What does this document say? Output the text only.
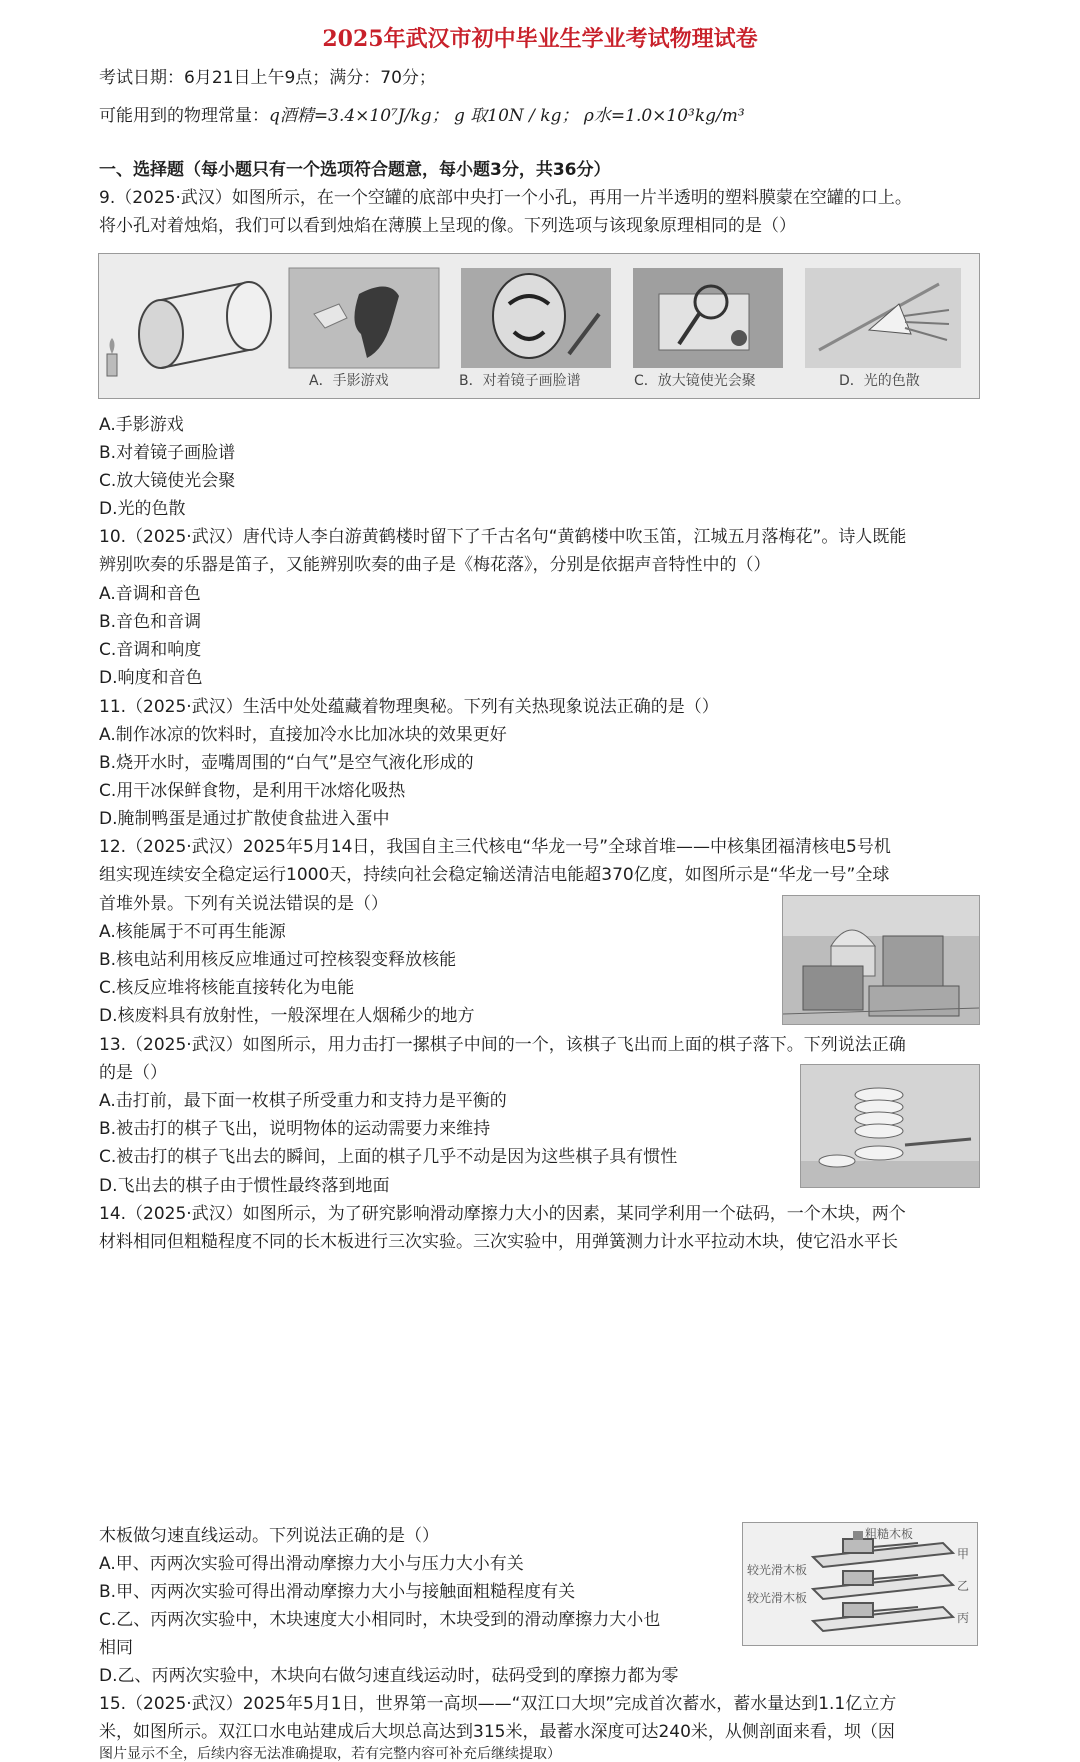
2025年武汉市初中毕业生学业考试物理试卷
考试日期：6月21日上午9点；满分：70分；
可能用到的物理常量：q酒精=3.4×10⁷J/kg； g 取10N / kg； ρ水=1.0×10³kg/m³
一、选择题（每小题只有一个选项符合题意，每小题3分，共36分）
9.（2025·武汉）如图所示，在一个空罐的底部中央打一个小孔，再用一片半透明的塑料膜蒙在空罐的口上。
将小孔对着烛焰，我们可以看到烛焰在薄膜上呈现的像。下列选项与该现象原理相同的是（）
A．手影游戏	B．对着镜子画脸谱	C．放大镜使光会聚	D．光的色散
A.手影游戏
B.对着镜子画脸谱
C.放大镜使光会聚
D.光的色散
10.（2025·武汉）唐代诗人李白游黄鹤楼时留下了千古名句“黄鹤楼中吹玉笛，江城五月落梅花”。诗人既能
辨别吹奏的乐器是笛子，又能辨别吹奏的曲子是《梅花落》，分别是依据声音特性中的（）
A.音调和音色
B.音色和音调
C.音调和响度
D.响度和音色
11.（2025·武汉）生活中处处蕴藏着物理奥秘。下列有关热现象说法正确的是（）
A.制作冰凉的饮料时，直接加冷水比加冰块的效果更好
B.烧开水时，壶嘴周围的“白气”是空气液化形成的
C.用干冰保鲜食物，是利用干冰熔化吸热
D.腌制鸭蛋是通过扩散使食盐进入蛋中
12.（2025·武汉）2025年5月14日，我国自主三代核电“华龙一号”全球首堆——中核集团福清核电5号机
组实现连续安全稳定运行1000天，持续向社会稳定输送清洁电能超370亿度，如图所示是“华龙一号”全球
首堆外景。下列有关说法错误的是（）
A.核能属于不可再生能源
B.核电站利用核反应堆通过可控核裂变释放核能
C.核反应堆将核能直接转化为电能
D.核废料具有放射性，一般深埋在人烟稀少的地方
13.（2025·武汉）如图所示，用力击打一摞棋子中间的一个，该棋子飞出而上面的棋子落下。下列说法正确
的是（）
A.击打前，最下面一枚棋子所受重力和支持力是平衡的
B.被击打的棋子飞出，说明物体的运动需要力来维持
C.被击打的棋子飞出去的瞬间，上面的棋子几乎不动是因为这些棋子具有惯性
D.飞出去的棋子由于惯性最终落到地面
14.（2025·武汉）如图所示，为了研究影响滑动摩擦力大小的因素，某同学利用一个砝码，一个木块，两个
材料相同但粗糙程度不同的长木板进行三次实验。三次实验中，用弹簧测力计水平拉动木块，使它沿水平长
木板做匀速直线运动。下列说法正确的是（）
A.甲、丙两次实验可得出滑动摩擦力大小与压力大小有关
B.甲、丙两次实验可得出滑动摩擦力大小与接触面粗糙程度有关
C.乙、丙两次实验中，木块速度大小相同时，木块受到的滑动摩擦力大小也
相同
D.乙、丙两次实验中，木块向右做匀速直线运动时，砝码受到的摩擦力都为零
粗糙木板
较光滑木板
较光滑木板
甲
乙
丙
15.（2025·武汉）2025年5月1日，世界第一高坝——“双江口大坝”完成首次蓄水，蓄水量达到1.1亿立方
米，如图所示。双江口水电站建成后大坝总高达到315米，最蓄水深度可达240米，从侧剖面来看，坝（因
图片显示不全，后续内容无法准确提取，若有完整内容可补充后继续提取）
